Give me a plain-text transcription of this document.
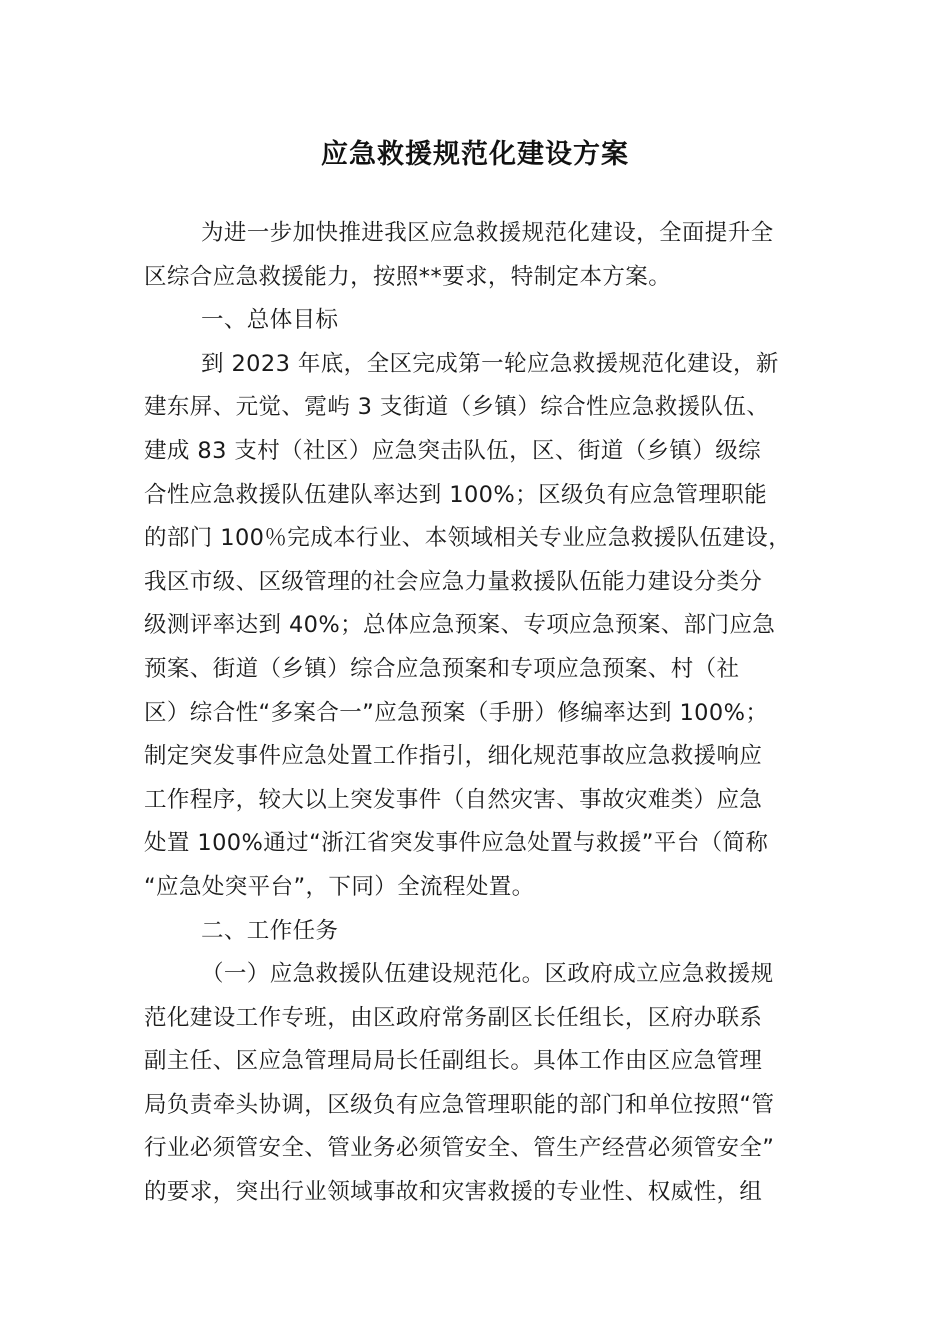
应急救援规范化建设方案
为进一步加快推进我区应急救援规范化建设，全面提升全
区综合应急救援能力，按照**要求，特制定本方案。
一、总体目标
到 2023 年底，全区完成第一轮应急救援规范化建设，新
建东屏、元觉、霓屿 3 支街道（乡镇）综合性应急救援队伍、
建成 83 支村（社区）应急突击队伍，区、街道（乡镇）级综
合性应急救援队伍建队率达到 100%；区级负有应急管理职能
的部门 100％完成本行业、本领域相关专业应急救援队伍建设，
我区市级、区级管理的社会应急力量救援队伍能力建设分类分
级测评率达到 40%；总体应急预案、专项应急预案、部门应急
预案、街道（乡镇）综合应急预案和专项应急预案、村（社
区）综合性“多案合一”应急预案（手册）修编率达到 100%；
制定突发事件应急处置工作指引，细化规范事故应急救援响应
工作程序，较大以上突发事件（自然灾害、事故灾难类）应急
处置 100%通过“浙江省突发事件应急处置与救援”平台（简称
“应急处突平台”，下同）全流程处置。
二、工作任务
（一）应急救援队伍建设规范化。区政府成立应急救援规
范化建设工作专班，由区政府常务副区长任组长，区府办联系
副主任、区应急管理局局长任副组长。具体工作由区应急管理
局负责牵头协调，区级负有应急管理职能的部门和单位按照“管
行业必须管安全、管业务必须管安全、管生产经营必须管安全”
的要求，突出行业领域事故和灾害救援的专业性、权威性，组
